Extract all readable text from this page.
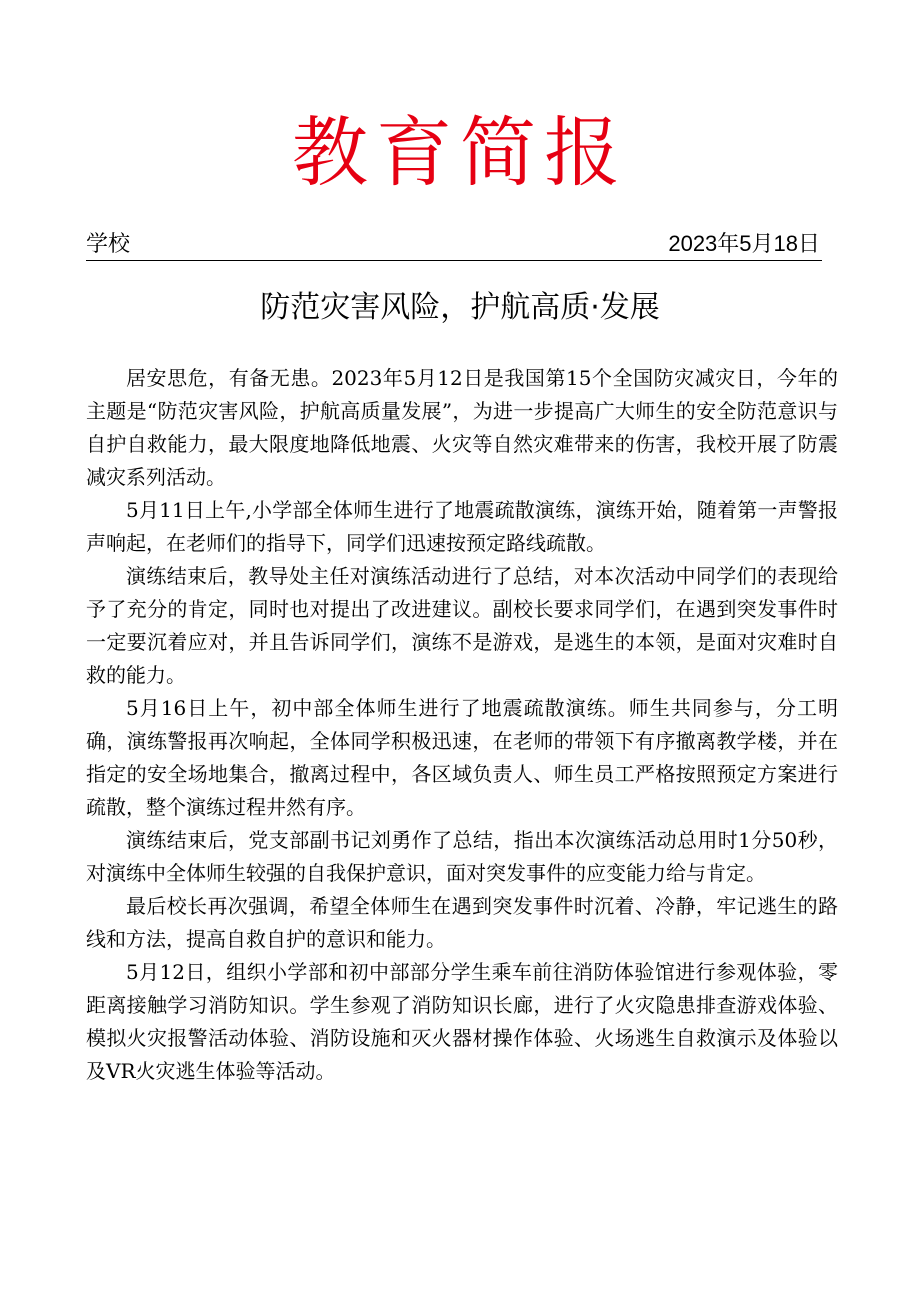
教育简报
学校	2023年5月18日
防范灾害风险，护航高质·发展

居安思危，有备无患。2023年5月12日是我国第15个全国防灾减灾日，今年的主题是“防范灾害风险，护航高质量发展”，为进一步提高广大师生的安全防范意识与自护自救能力，最大限度地降低地震、火灾等自然灾难带来的伤害，我校开展了防震减灾系列活动。

5月11日上午,小学部全体师生进行了地震疏散演练，演练开始，随着第一声警报声响起，在老师们的指导下，同学们迅速按预定路线疏散。

演练结束后，教导处主任对演练活动进行了总结，对本次活动中同学们的表现给予了充分的肯定，同时也对提出了改进建议。副校长要求同学们，在遇到突发事件时一定要沉着应对，并且告诉同学们，演练不是游戏，是逃生的本领，是面对灾难时自救的能力。

5月16日上午，初中部全体师生进行了地震疏散演练。师生共同参与，分工明确，演练警报再次响起，全体同学积极迅速，在老师的带领下有序撤离教学楼，并在指定的安全场地集合，撤离过程中，各区域负责人、师生员工严格按照预定方案进行疏散，整个演练过程井然有序。

演练结束后，党支部副书记刘勇作了总结，指出本次演练活动总用时1分50秒，对演练中全体师生较强的自我保护意识，面对突发事件的应变能力给与肯定。

最后校长再次强调，希望全体师生在遇到突发事件时沉着、冷静，牢记逃生的路线和方法，提高自救自护的意识和能力。

5月12日，组织小学部和初中部部分学生乘车前往消防体验馆进行参观体验，零距离接触学习消防知识。学生参观了消防知识长廊，进行了火灾隐患排查游戏体验、模拟火灾报警活动体验、消防设施和灭火器材操作体验、火场逃生自救演示及体验以及VR火灾逃生体验等活动。
